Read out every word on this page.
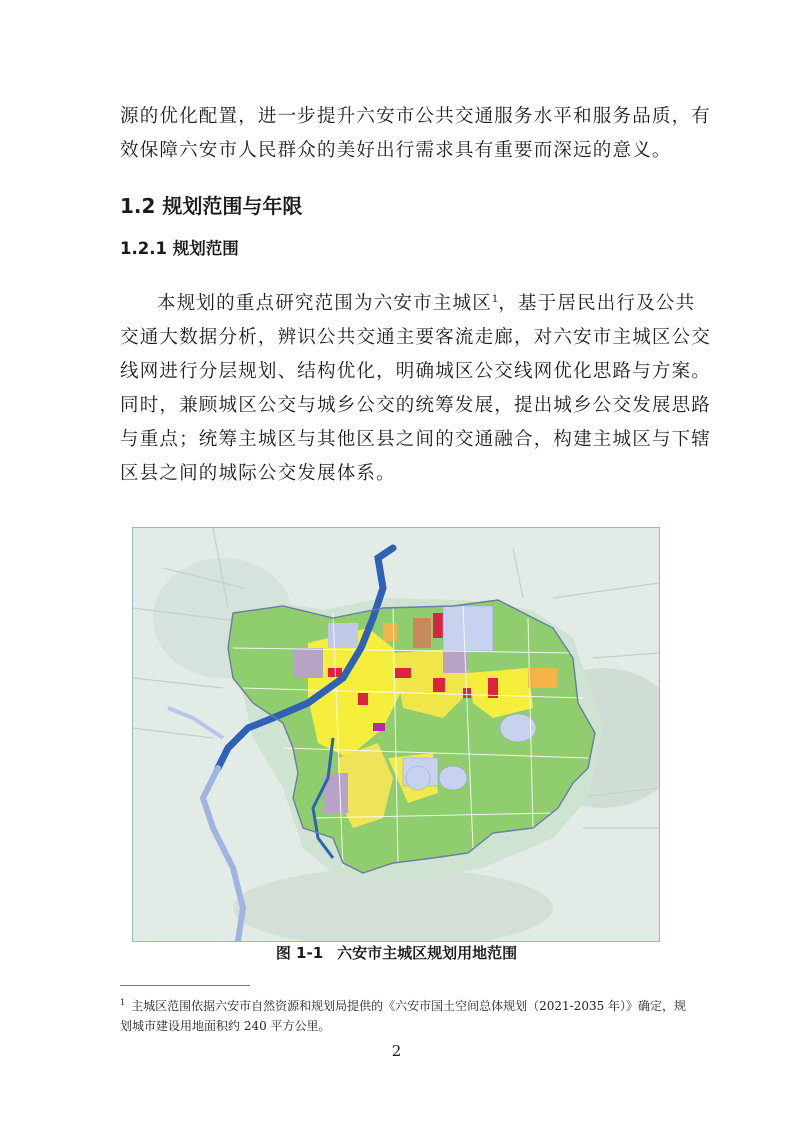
源的优化配置，进一步提升六安市公共交通服务水平和服务品质，有
效保障六安市人民群众的美好出行需求具有重要而深远的意义。

1.2 规划范围与年限
1.2.1 规划范围

本规划的重点研究范围为六安市主城区$^1$，基于居民出行及公共
交通大数据分析，辨识公共交通主要客流走廊，对六安市主城区公交
线网进行分层规划、结构优化，明确城区公交线网优化思路与方案。
同时，兼顾城区公交与城乡公交的统筹发展，提出城乡公交发展思路
与重点；统筹主城区与其他区县之间的交通融合，构建主城区与下辖
区县之间的城际公交发展体系。

图 1-1 六安市主城区规划用地范围

$^1$ 主城区范围依据六安市自然资源和规划局提供的《六安市国土空间总体规划（2021-2035 年）》确定，规
划城市建设用地面积约 240 平方公里。

2
